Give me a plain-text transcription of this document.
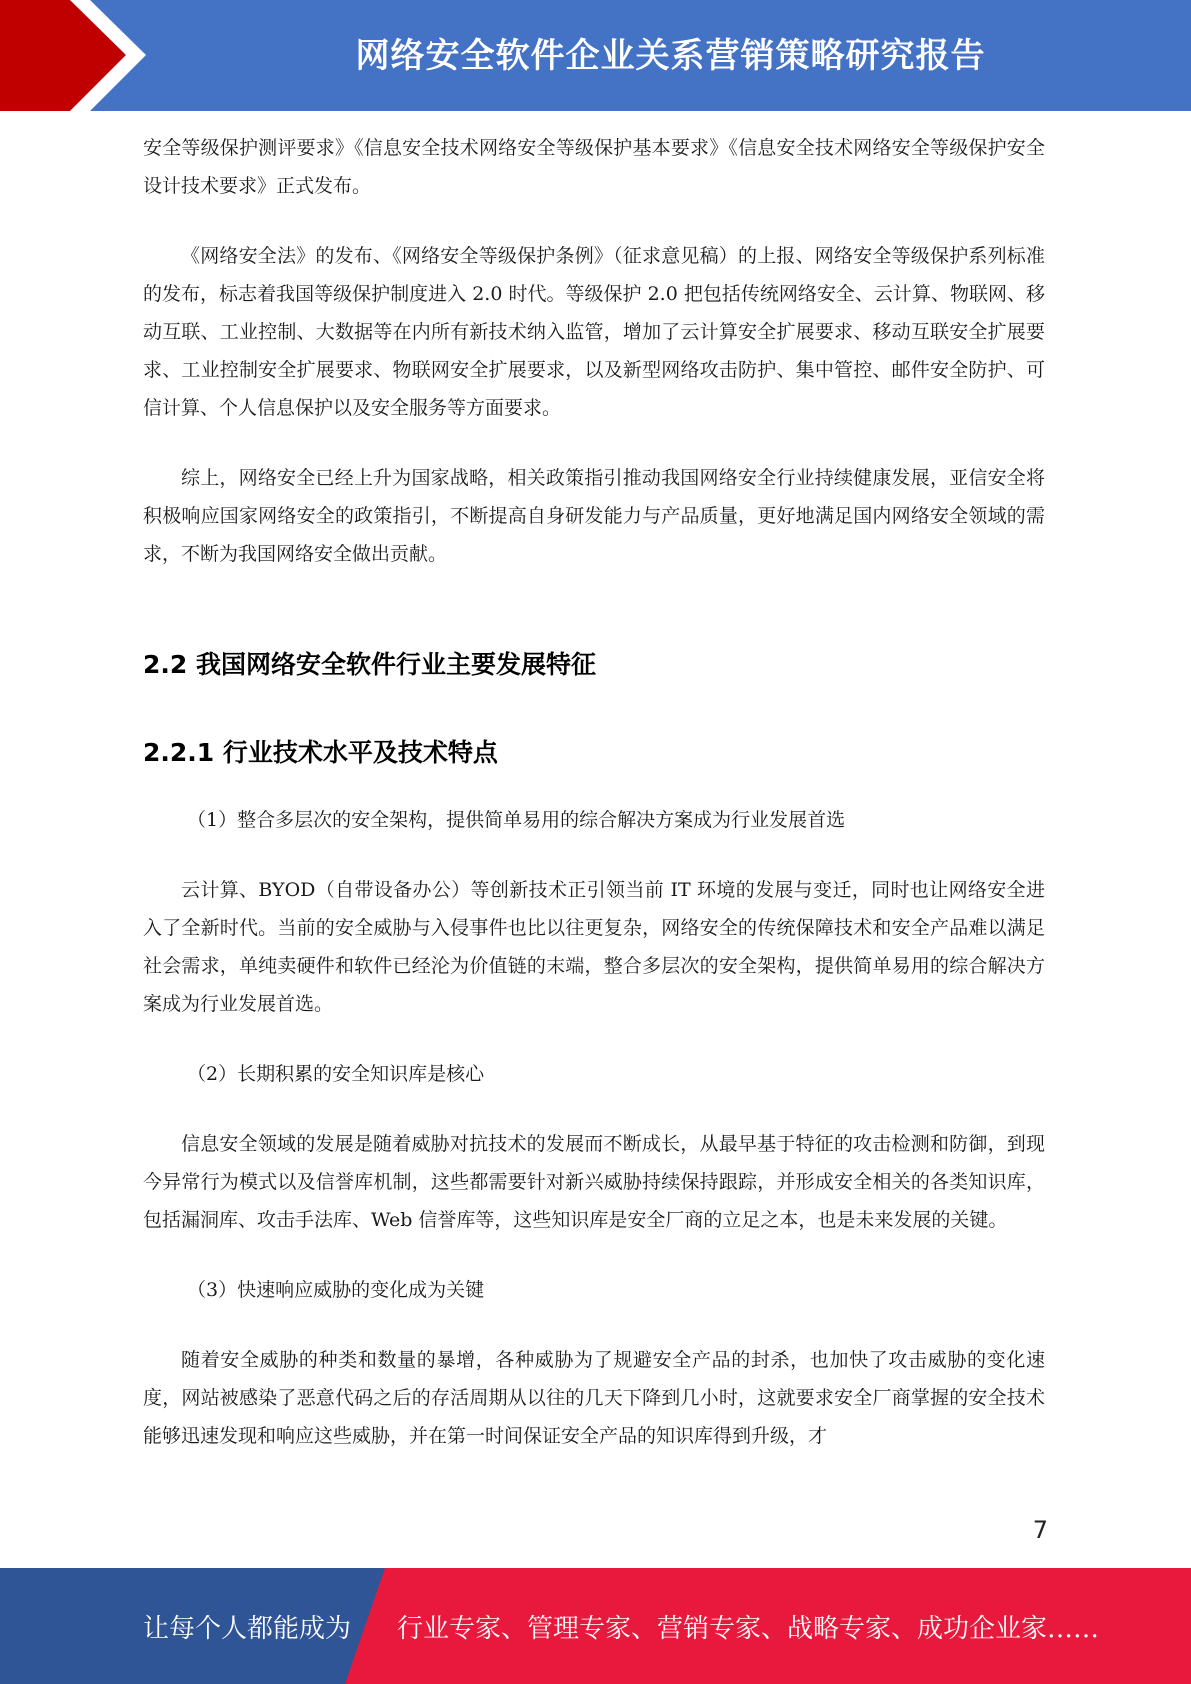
网络安全软件企业关系营销策略研究报告

安全等级保护测评要求》《信息安全技术网络安全等级保护基本要求》《信息安全技术网络安全等级保护安全设计技术要求》正式发布。

《网络安全法》的发布、《网络安全等级保护条例》（征求意见稿）的上报、网络安全等级保护系列标准的发布，标志着我国等级保护制度进入 2.0 时代。等级保护 2.0 把包括传统网络安全、云计算、物联网、移动互联、工业控制、大数据等在内所有新技术纳入监管，增加了云计算安全扩展要求、移动互联安全扩展要求、工业控制安全扩展要求、物联网安全扩展要求，以及新型网络攻击防护、集中管控、邮件安全防护、可信计算、个人信息保护以及安全服务等方面要求。

综上，网络安全已经上升为国家战略，相关政策指引推动我国网络安全行业持续健康发展，亚信安全将积极响应国家网络安全的政策指引，不断提高自身研发能力与产品质量，更好地满足国内网络安全领域的需求，不断为我国网络安全做出贡献。

2.2 我国网络安全软件行业主要发展特征
2.2.1 行业技术水平及技术特点

（1）整合多层次的安全架构，提供简单易用的综合解决方案成为行业发展首选

云计算、BYOD（自带设备办公）等创新技术正引领当前 IT 环境的发展与变迁，同时也让网络安全进入了全新时代。当前的安全威胁与入侵事件也比以往更复杂，网络安全的传统保障技术和安全产品难以满足社会需求，单纯卖硬件和软件已经沦为价值链的末端，整合多层次的安全架构，提供简单易用的综合解决方案成为行业发展首选。

（2）长期积累的安全知识库是核心

信息安全领域的发展是随着威胁对抗技术的发展而不断成长，从最早基于特征的攻击检测和防御，到现今异常行为模式以及信誉库机制，这些都需要针对新兴威胁持续保持跟踪，并形成安全相关的各类知识库，包括漏洞库、攻击手法库、Web 信誉库等，这些知识库是安全厂商的立足之本，也是未来发展的关键。

（3）快速响应威胁的变化成为关键

随着安全威胁的种类和数量的暴增，各种威胁为了规避安全产品的封杀，也加快了攻击威胁的变化速度，网站被感染了恶意代码之后的存活周期从以往的几天下降到几小时，这就要求安全厂商掌握的安全技术能够迅速发现和响应这些威胁，并在第一时间保证安全产品的知识库得到升级，才

7
让每个人都能成为 行业专家、管理专家、营销专家、战略专家、成功企业家……
